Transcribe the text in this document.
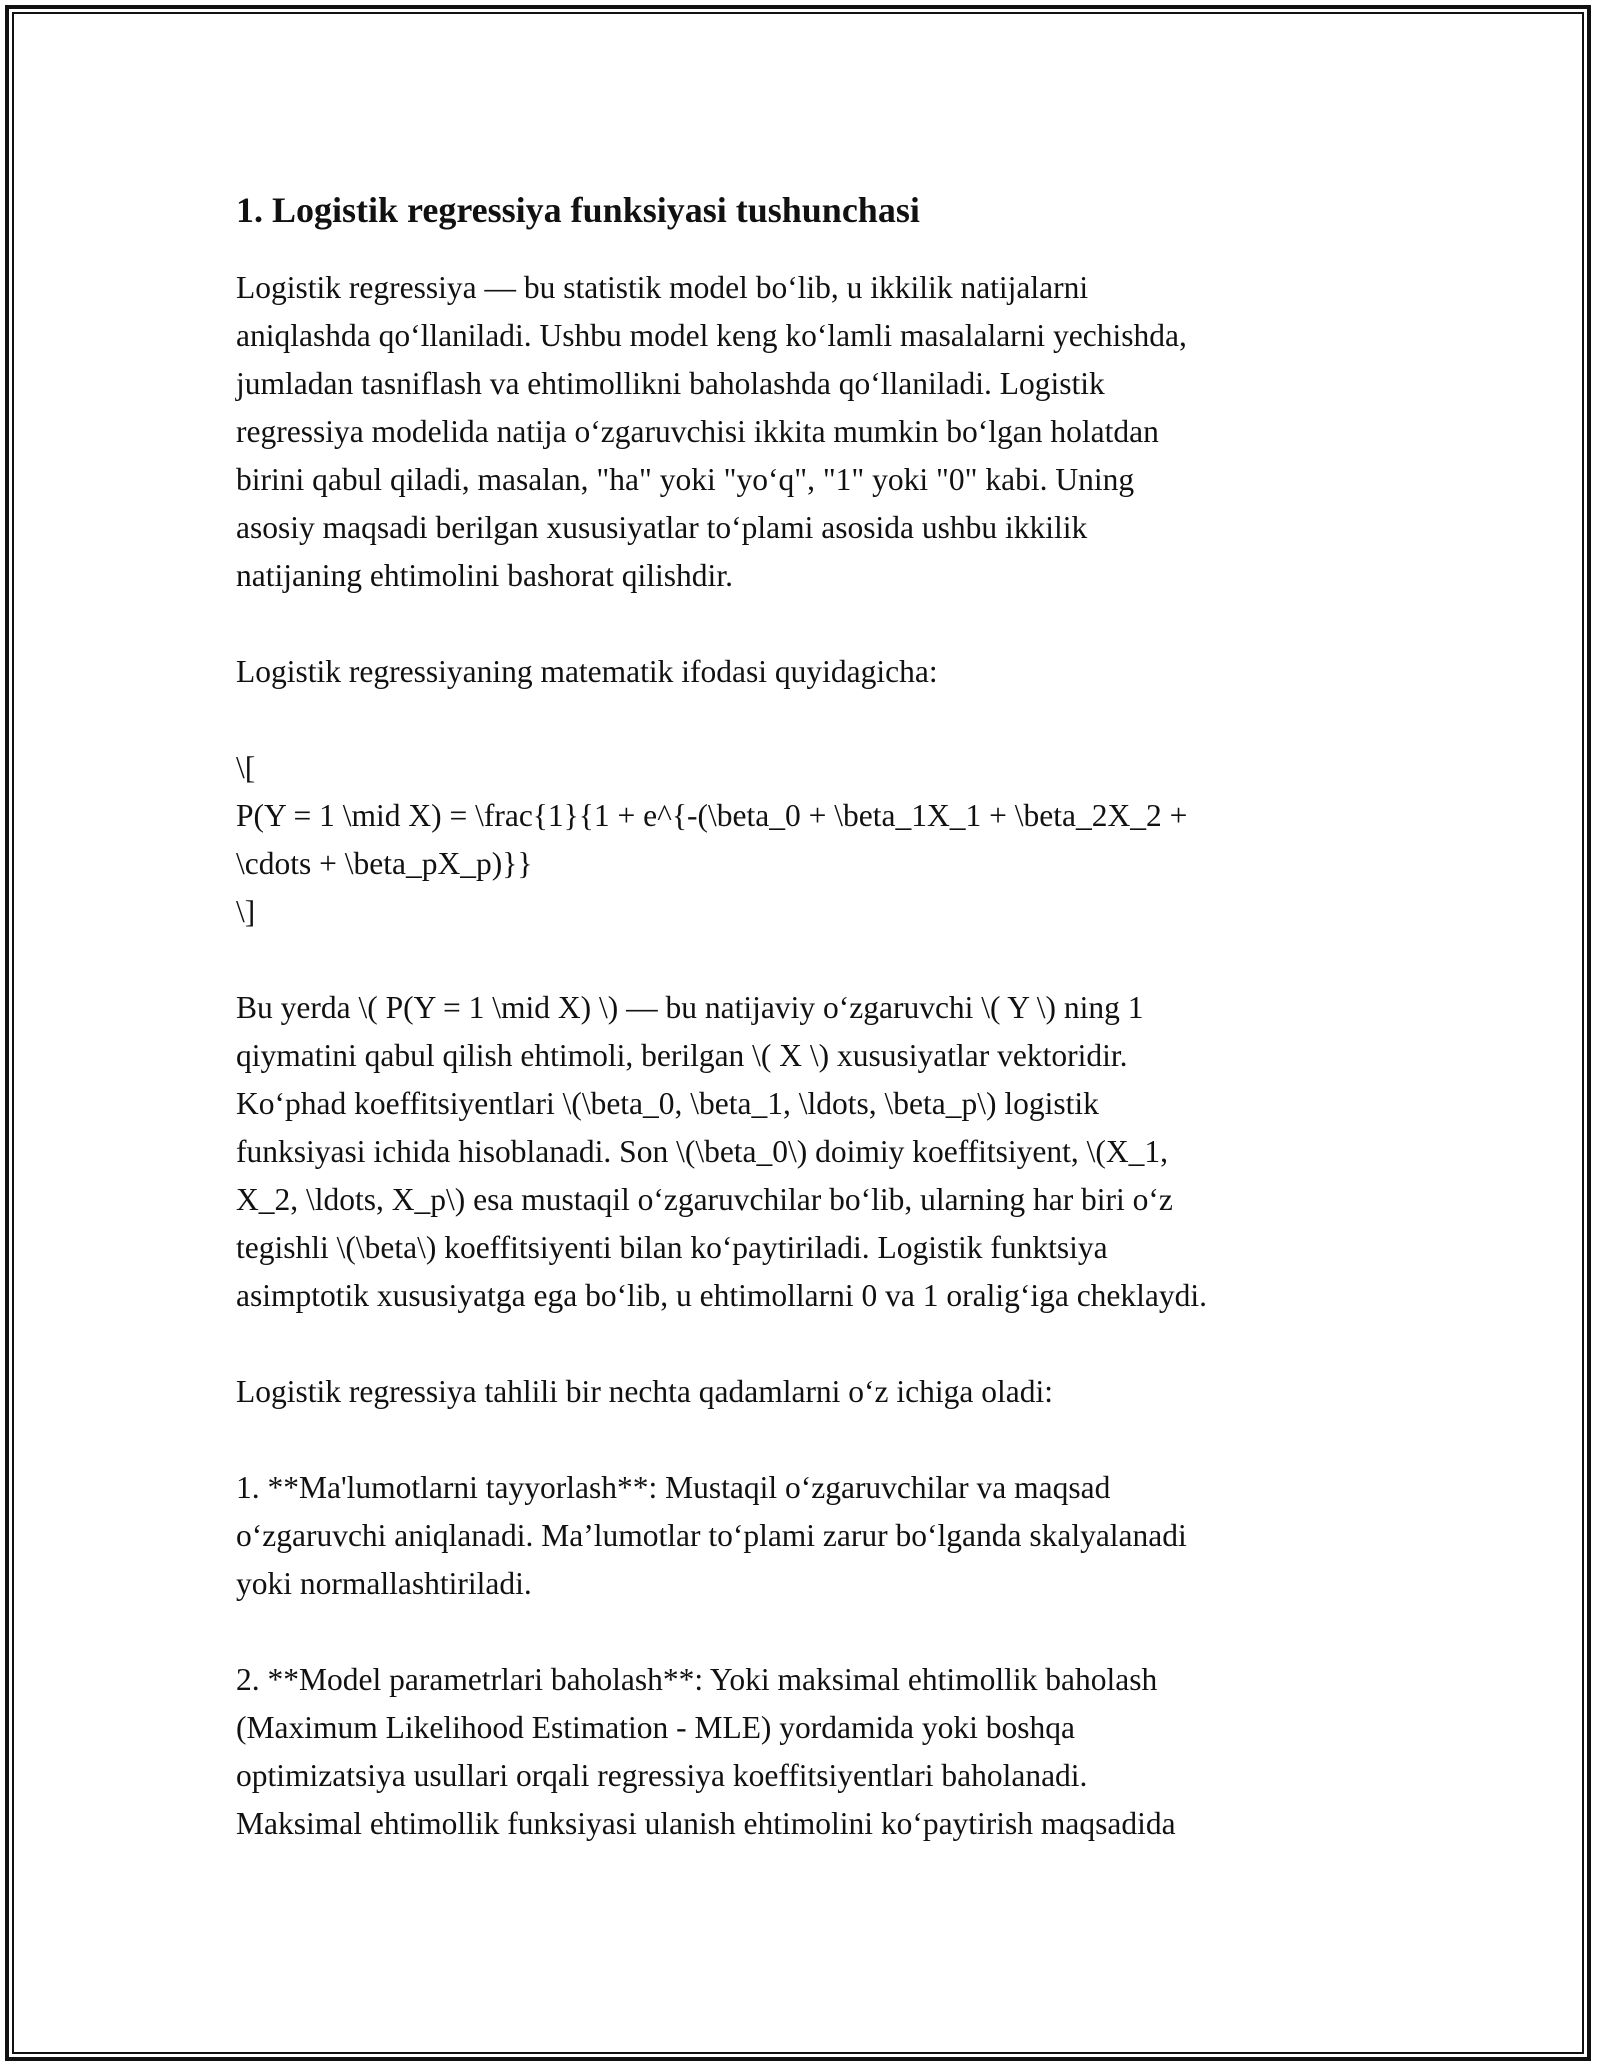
1. Logistik regressiya funksiyasi tushunchasi
Logistik regressiya — bu statistik model bo‘lib, u ikkilik natijalarni
aniqlashda qo‘llaniladi. Ushbu model keng ko‘lamli masalalarni yechishda,
jumladan tasniflash va ehtimollikni baholashda qo‘llaniladi. Logistik
regressiya modelida natija o‘zgaruvchisi ikkita mumkin bo‘lgan holatdan
birini qabul qiladi, masalan, "ha" yoki "yo‘q", "1" yoki "0" kabi. Uning
asosiy maqsadi berilgan xususiyatlar to‘plami asosida ushbu ikkilik
natijaning ehtimolini bashorat qilishdir.
Logistik regressiyaning matematik ifodasi quyidagicha:
\[
P(Y = 1 \mid X) = \frac{1}{1 + e^{-(\beta_0 + \beta_1X_1 + \beta_2X_2 +
\cdots + \beta_pX_p)}}
\]
Bu yerda \( P(Y = 1 \mid X) \) — bu natijaviy o‘zgaruvchi \( Y \) ning 1
qiymatini qabul qilish ehtimoli, berilgan \( X \) xususiyatlar vektoridir.
Ko‘phad koeffitsiyentlari \(\beta_0, \beta_1, \ldots, \beta_p\) logistik
funksiyasi ichida hisoblanadi. Son \(\beta_0\) doimiy koeffitsiyent, \(X_1,
X_2, \ldots, X_p\) esa mustaqil o‘zgaruvchilar bo‘lib, ularning har biri o‘z
tegishli \(\beta\) koeffitsiyenti bilan ko‘paytiriladi. Logistik funktsiya
asimptotik xususiyatga ega bo‘lib, u ehtimollarni 0 va 1 oralig‘iga cheklaydi.
Logistik regressiya tahlili bir nechta qadamlarni o‘z ichiga oladi:
1. **Ma'lumotlarni tayyorlash**: Mustaqil o‘zgaruvchilar va maqsad
o‘zgaruvchi aniqlanadi. Ma’lumotlar to‘plami zarur bo‘lganda skalyalanadi
yoki normallashtiriladi.
2. **Model parametrlari baholash**: Yoki maksimal ehtimollik baholash
(Maximum Likelihood Estimation - MLE) yordamida yoki boshqa
optimizatsiya usullari orqali regressiya koeffitsiyentlari baholanadi.
Maksimal ehtimollik funksiyasi ulanish ehtimolini ko‘paytirish maqsadida
